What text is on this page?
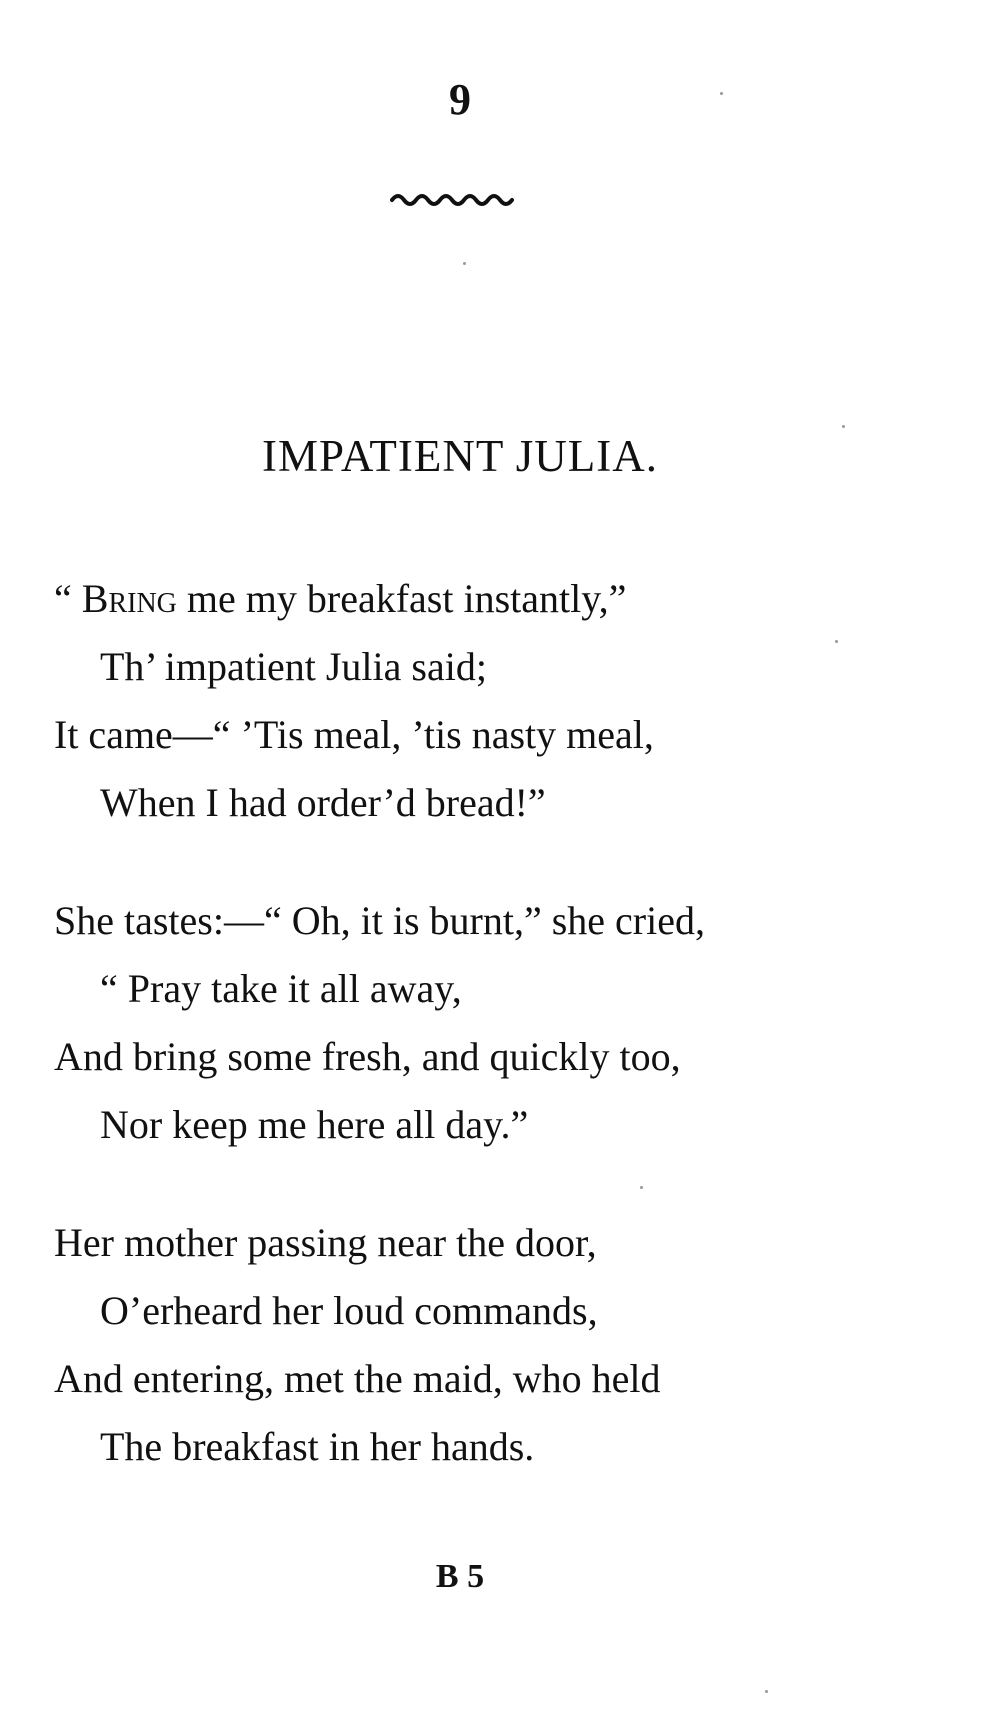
9
IMPATIENT JULIA.
“ Bring me my breakfast instantly,”
Th’ impatient Julia said;
It came—“ ’Tis meal, ’tis nasty meal,
When I had order’d bread!”
She tastes:—“ Oh, it is burnt,” she cried,
“ Pray take it all away,
And bring some fresh, and quickly too,
Nor keep me here all day.”
Her mother passing near the door,
O’erheard her loud commands,
And entering, met the maid, who held
The breakfast in her hands.
B 5
